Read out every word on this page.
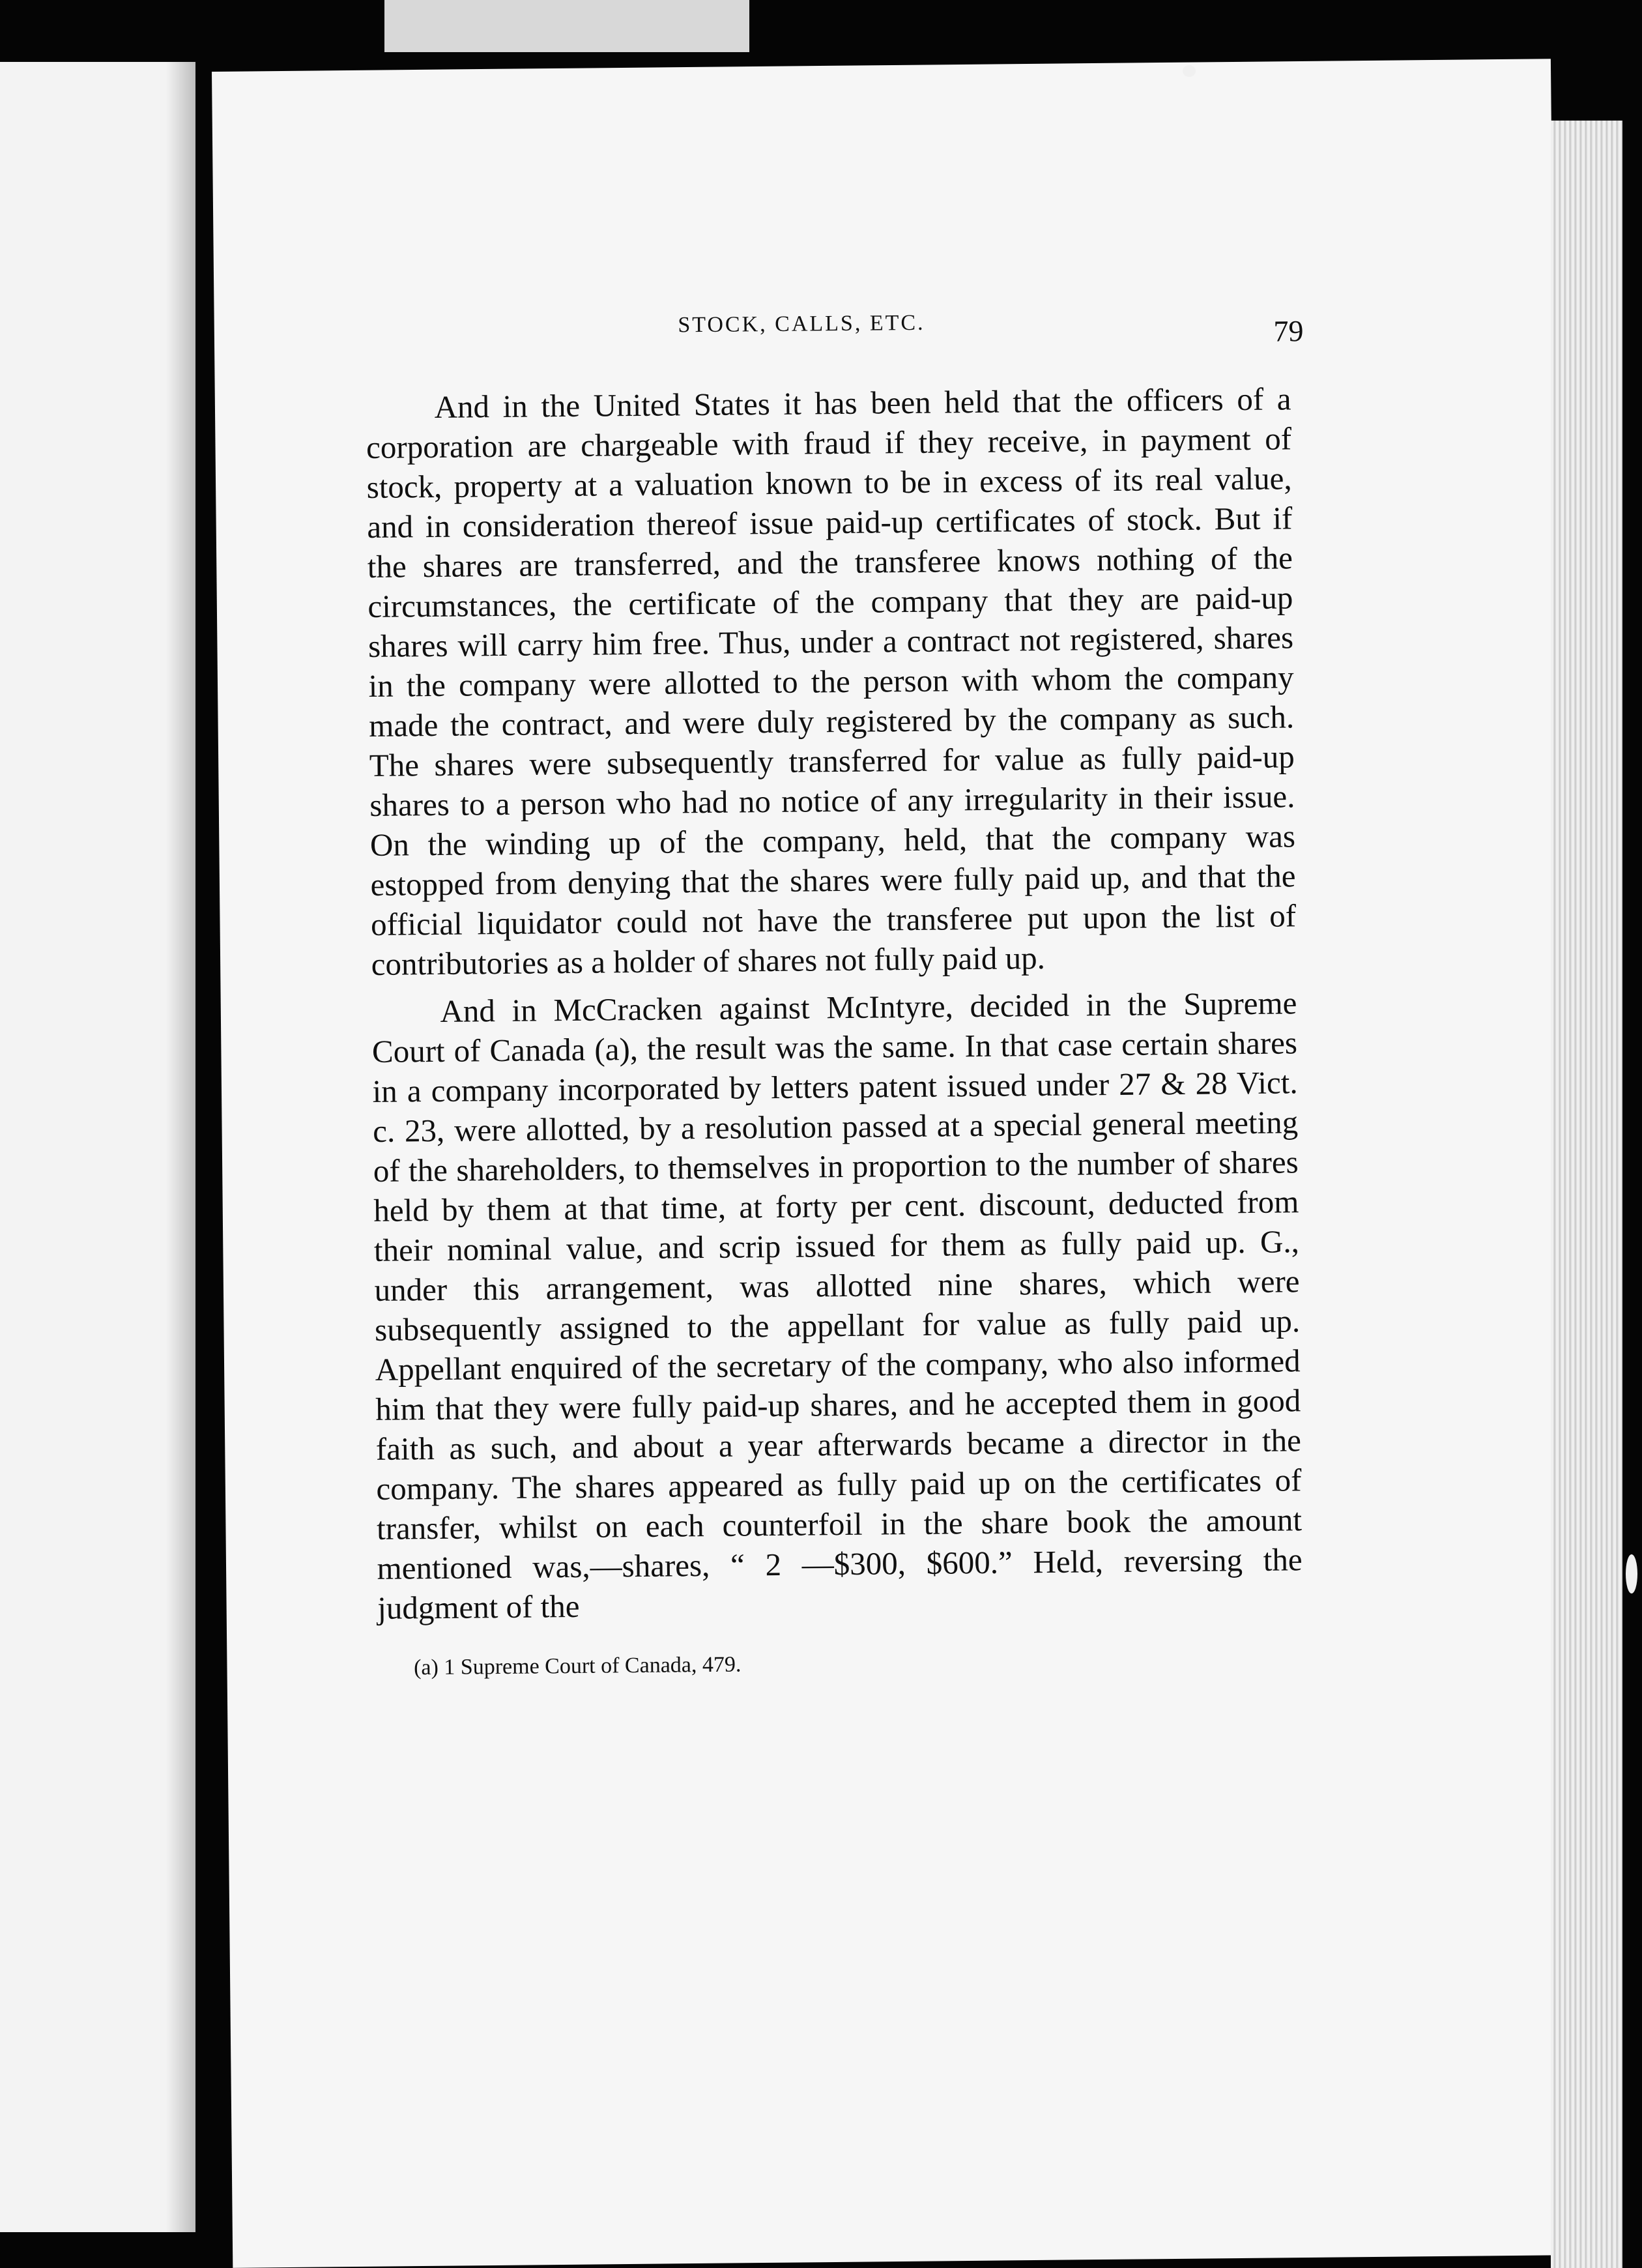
STOCK, CALLS, ETC.	79

And in the United States it has been held that the officers of a corporation are chargeable with fraud if they receive, in payment of stock, property at a valuation known to be in excess of its real value, and in consideration thereof issue paid-up certificates of stock. But if the shares are transferred, and the transferee knows nothing of the circumstances, the certificate of the company that they are paid-up shares will carry him free. Thus, under a contract not registered, shares in the company were allotted to the person with whom the company made the contract, and were duly registered by the company as such. The shares were subsequently transferred for value as fully paid-up shares to a person who had no notice of any irregularity in their issue. On the winding up of the company, held, that the company was estopped from denying that the shares were fully paid up, and that the official liquidator could not have the transferee put upon the list of contributories as a holder of shares not fully paid up.

And in McCracken against McIntyre, decided in the Supreme Court of Canada (a), the result was the same. In that case certain shares in a company incorporated by letters patent issued under 27 & 28 Vict. c. 23, were allotted, by a resolution passed at a special general meeting of the shareholders, to themselves in proportion to the number of shares held by them at that time, at forty per cent. discount, deducted from their nominal value, and scrip issued for them as fully paid up. G., under this arrangement, was allotted nine shares, which were subsequently assigned to the appellant for value as fully paid up. Appellant enquired of the secretary of the company, who also informed him that they were fully paid-up shares, and he accepted them in good faith as such, and about a year afterwards became a director in the company. The shares appeared as fully paid up on the certificates of transfer, whilst on each counterfoil in the share book the amount mentioned was,—shares, “ 2 —$300, $600.” Held, reversing the judgment of the

(a) 1 Supreme Court of Canada, 479.
